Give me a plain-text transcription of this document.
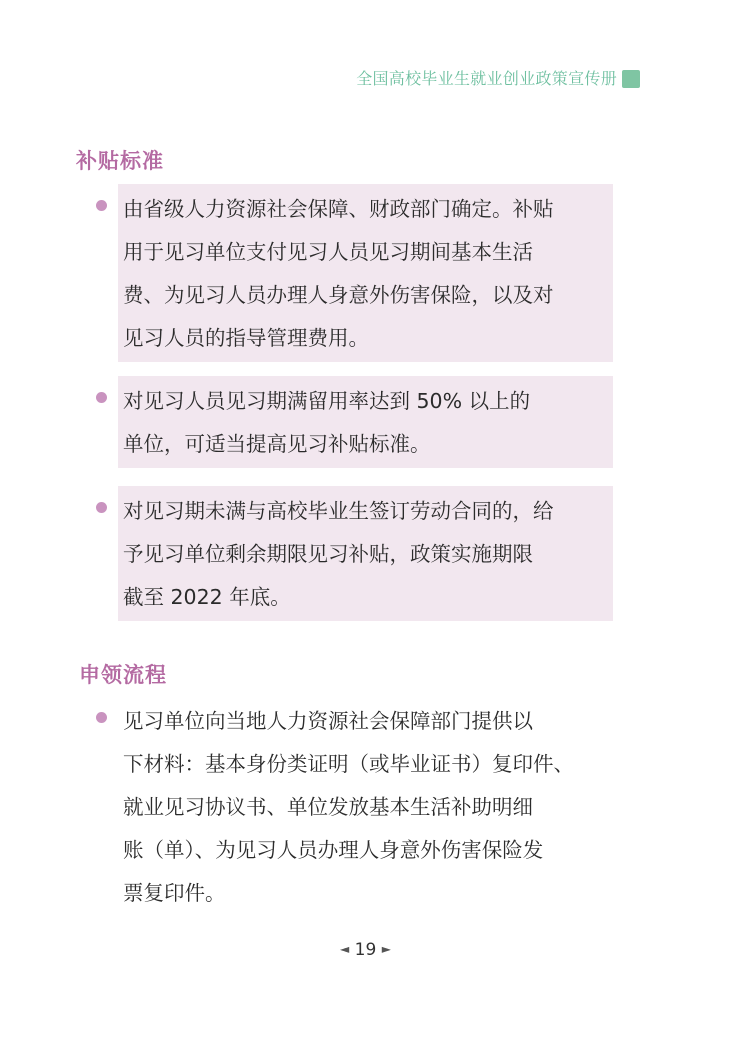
全国高校毕业生就业创业政策宣传册
补贴标准
由省级人力资源社会保障、财政部门确定。补贴
用于见习单位支付见习人员见习期间基本生活
费、为见习人员办理人身意外伤害保险，以及对
见习人员的指导管理费用。
对见习人员见习期满留用率达到 50% 以上的
单位，可适当提高见习补贴标准。
对见习期未满与高校毕业生签订劳动合同的，给
予见习单位剩余期限见习补贴，政策实施期限
截至 2022 年底。
申领流程
见习单位向当地人力资源社会保障部门提供以
下材料：基本身份类证明（或毕业证书）复印件、
就业见习协议书、单位发放基本生活补助明细
账（单）、为见习人员办理人身意外伤害保险发
票复印件。
◄ 19 ►
